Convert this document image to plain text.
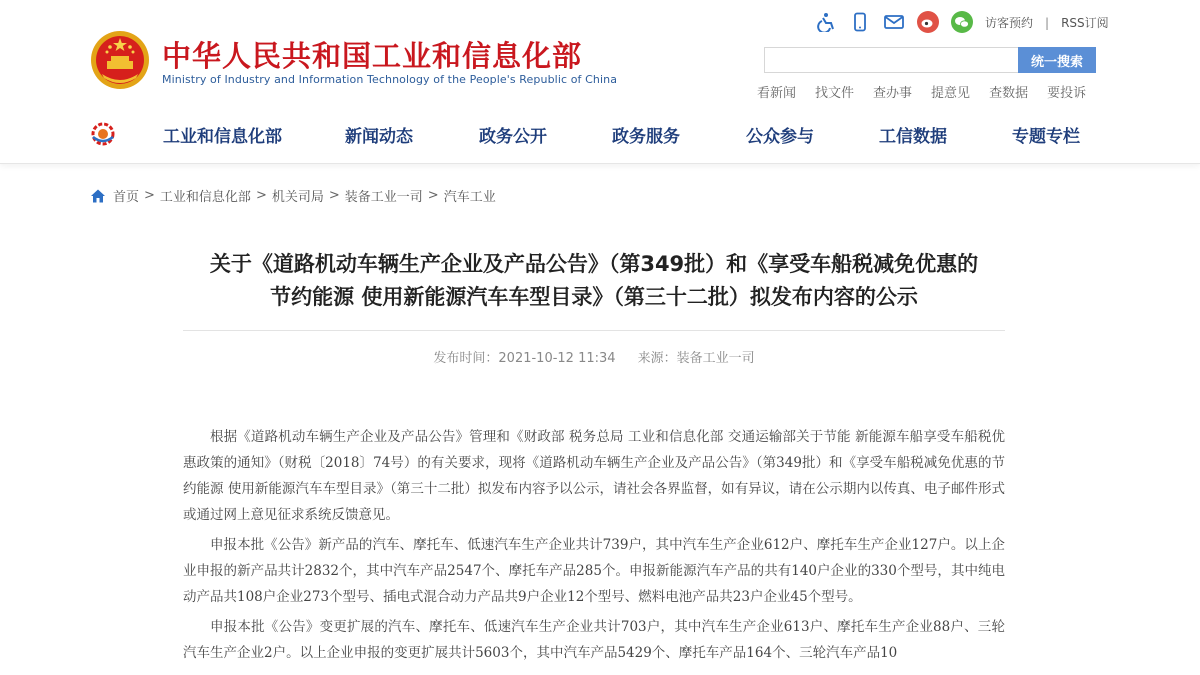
中华人民共和国工业和信息化部
Ministry of Industry and Information Technology of the People's Republic of China
访客预约 | RSS订阅
统一搜索
看新闻 找文件 查办事 提意见 查数据 要投诉
工业和信息化部	新闻动态	政务公开	政务服务	公众参与	工信数据	专题专栏
首页 > 工业和信息化部 > 机关司局 > 装备工业一司 > 汽车工业
关于《道路机动车辆生产企业及产品公告》（第349批）和《享受车船税减免优惠的
节约能源 使用新能源汽车车型目录》（第三十二批）拟发布内容的公示
发布时间：2021-10-12 11:34 来源：装备工业一司

根据《道路机动车辆生产企业及产品公告》管理和《财政部 税务总局 工业和信息化部 交通运输部关于节能 新能源车船享受车船税优惠政策的通知》（财税〔2018〕74号）的有关要求，现将《道路机动车辆生产企业及产品公告》（第349批）和《享受车船税减免优惠的节约能源 使用新能源汽车车型目录》（第三十二批）拟发布内容予以公示，请社会各界监督，如有异议，请在公示期内以传真、电子邮件形式或通过网上意见征求系统反馈意见。

申报本批《公告》新产品的汽车、摩托车、低速汽车生产企业共计739户，其中汽车生产企业612户、摩托车生产企业127户。以上企业申报的新产品共计2832个，其中汽车产品2547个、摩托车产品285个。申报新能源汽车产品的共有140户企业的330个型号，其中纯电动产品共108户企业273个型号、插电式混合动力产品共9户企业12个型号、燃料电池产品共23户企业45个型号。

申报本批《公告》变更扩展的汽车、摩托车、低速汽车生产企业共计703户，其中汽车生产企业613户、摩托车生产企业88户、三轮汽车生产企业2户。以上企业申报的变更扩展共计5603个，其中汽车产品5429个、摩托车产品164个、三轮汽车产品10
